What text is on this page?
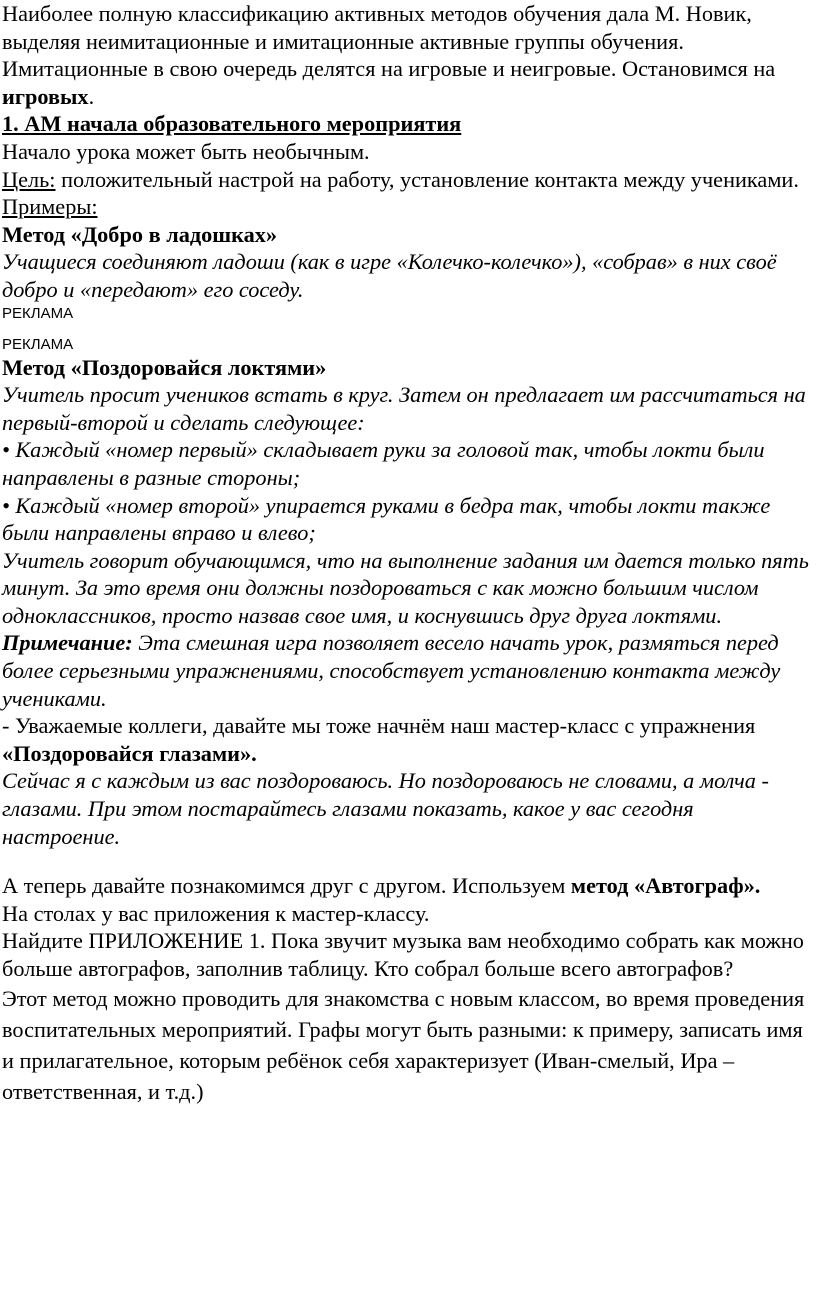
Наиболее полную классификацию активных методов обучения дала М. Новик, выделяя неимитационные и имитационные активные группы обучения. Имитационные в свою очередь делятся на игровые и неигровые. Остановимся на игровых.

1. АМ начала образовательного мероприятия

Начало урока может быть необычным.

Цель: положительный настрой на работу, установление контакта между учениками.

Примеры:

Метод «Добро в ладошках»

Учащиеся соединяют ладоши (как в игре «Колечко-колечко»), «собрав» в них своё добро и «передают» его соседу.

РЕКЛАМА
РЕКЛАМА

Метод «Поздоровайся локтями»

Учитель просит учеников встать в круг. Затем он предлагает им рассчитаться на первый-второй и сделать следующее:

• Каждый «номер первый» складывает руки за головой так, чтобы локти были направлены в разные стороны;

• Каждый «номер второй» упирается руками в бедра так, чтобы локти также были направлены вправо и влево;

Учитель говорит обучающимся, что на выполнение задания им дается только пять минут. За это время они должны поздороваться с как можно большим числом одноклассников, просто назвав свое имя, и коснувшись друг друга локтями.

Примечание: Эта смешная игра позволяет весело начать урок, размяться перед более серьезными упражнениями, способствует установлению контакта между учениками.

- Уважаемые коллеги, давайте мы тоже начнём наш мастер-класс с упражнения «Поздоровайся глазами».

Сейчас я с каждым из вас поздороваюсь. Но поздороваюсь не словами, а молча -

глазами. При этом постарайтесь глазами показать, какое у вас сегодня настроение.

А теперь давайте познакомимся друг с другом. Используем метод «Автограф».

На столах у вас приложения к мастер-классу.

Найдите ПРИЛОЖЕНИЕ 1. Пока звучит музыка вам необходимо собрать как можно больше автографов, заполнив таблицу. Кто собрал больше всего автографов?

Этот метод можно проводить для знакомства с новым классом, во время проведения воспитательных мероприятий. Графы могут быть разными: к примеру, записать имя и прилагательное, которым ребёнок себя характеризует (Иван-смелый, Ира –ответственная, и т.д.)
